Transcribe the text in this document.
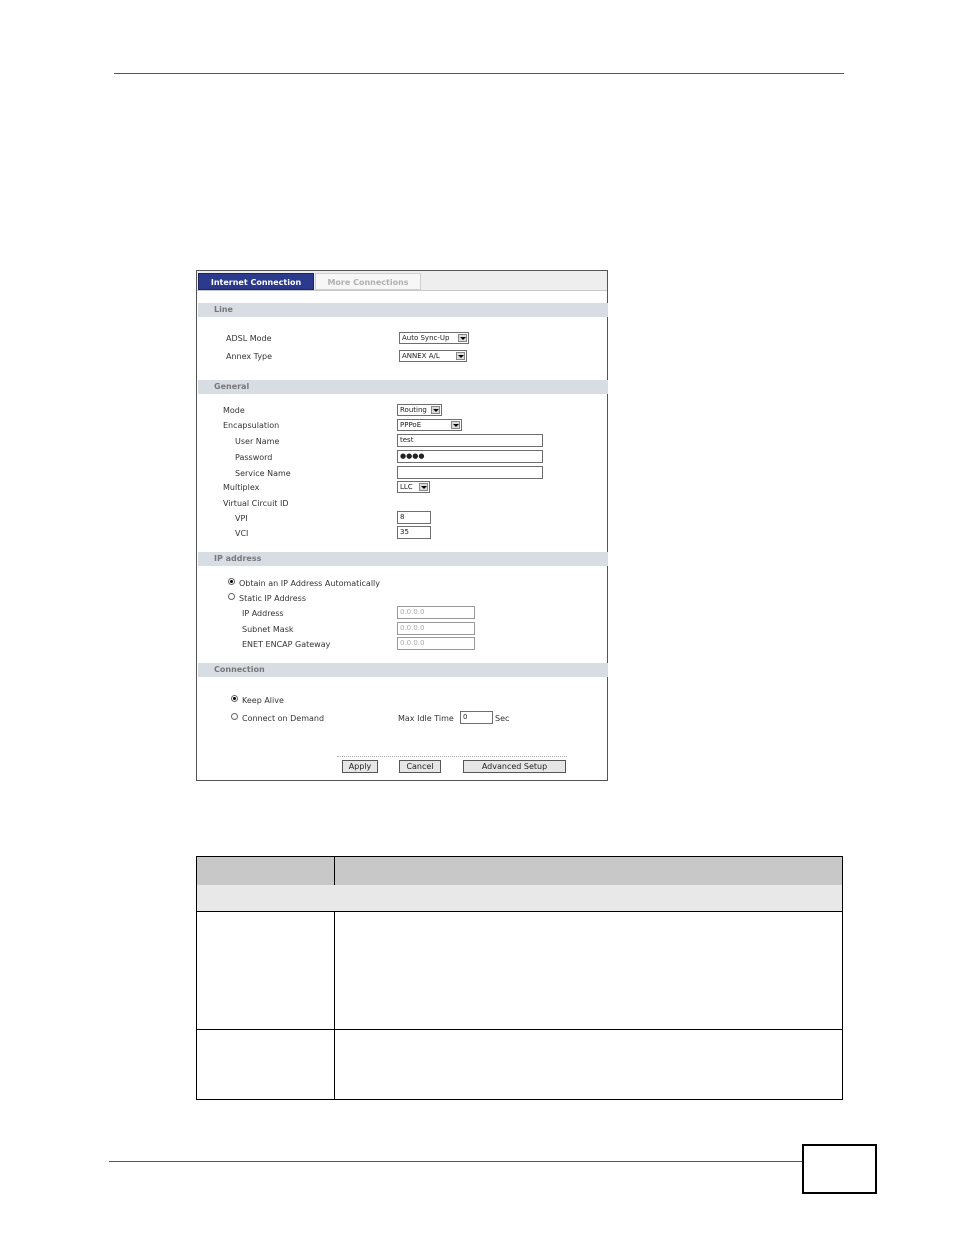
Internet Connection	More Connections
Line
ADSL Mode	Auto Sync-Up
Annex Type	ANNEX A/L
General
Mode	Routing
Encapsulation	PPPoE
User Name	test
Password	●●●●
Service Name
Multiplex	LLC
Virtual Circuit ID
VPI	8
VCI	35
IP address
Obtain an IP Address Automatically
Static IP Address
IP Address	0.0.0.0
Subnet Mask	0.0.0.0
ENET ENCAP Gateway	0.0.0.0
Connection
Keep Alive
Connect on Demand	Max Idle Time	0	Sec
Apply	Cancel	Advanced Setup
